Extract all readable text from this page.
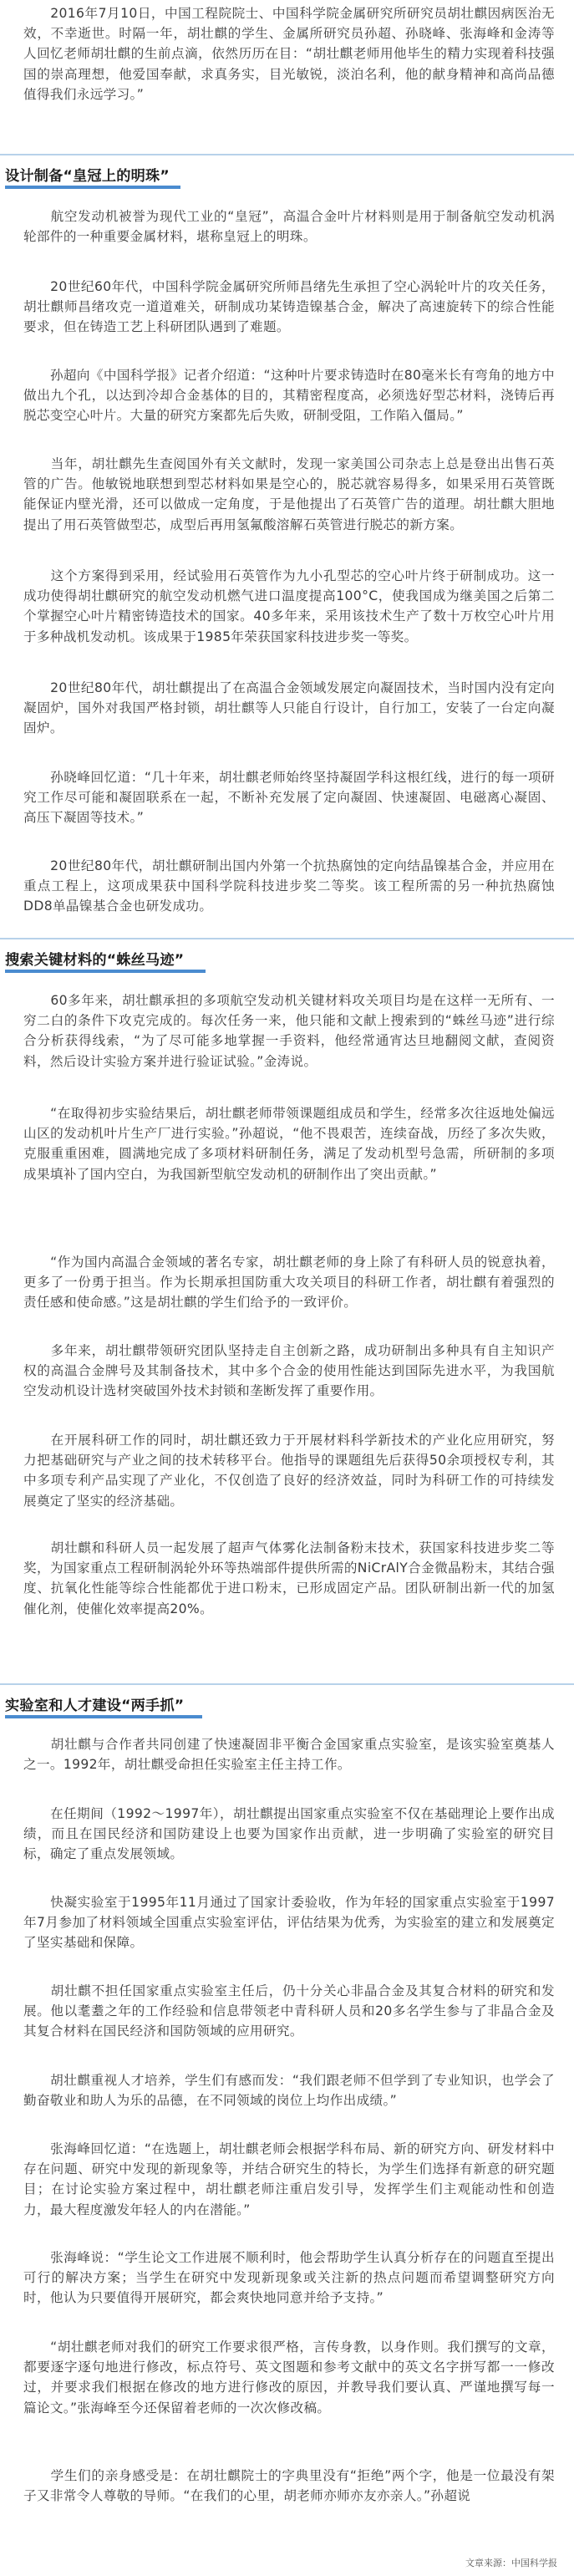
　　2016年7月10日，中国工程院院士、中国科学院金属研究所研究员胡壮麒因病医治无效，不幸逝世。时隔一年，胡壮麒的学生、金属所研究员孙超、孙晓峰、张海峰和金涛等人回忆老师胡壮麒的生前点滴，依然历历在目：“胡壮麒老师用他毕生的精力实现着科技强国的崇高理想，他爱国奉献，求真务实，目光敏锐，淡泊名利，他的献身精神和高尚品德值得我们永远学习。”

设计制备“皇冠上的明珠”

　　航空发动机被誉为现代工业的“皇冠”，高温合金叶片材料则是用于制备航空发动机涡轮部件的一种重要金属材料，堪称皇冠上的明珠。

　　20世纪60年代，中国科学院金属研究所师昌绪先生承担了空心涡轮叶片的攻关任务，胡壮麒师昌绪攻克一道道难关，研制成功某铸造镍基合金，解决了高速旋转下的综合性能要求，但在铸造工艺上科研团队遇到了难题。

　　孙超向《中国科学报》记者介绍道：“这种叶片要求铸造时在80毫米长有弯角的地方中做出九个孔，以达到冷却合金基体的目的，其精密程度高，必须选好型芯材料，浇铸后再脱芯变空心叶片。大量的研究方案都先后失败，研制受阻，工作陷入僵局。”

　　当年，胡壮麒先生查阅国外有关文献时，发现一家美国公司杂志上总是登出出售石英管的广告。他敏锐地联想到型芯材料如果是空心的，脱芯就容易得多，如果采用石英管既能保证内壁光滑，还可以做成一定角度，于是他提出了石英管广告的道理。胡壮麒大胆地提出了用石英管做型芯，成型后再用氢氟酸溶解石英管进行脱芯的新方案。

　　这个方案得到采用，经试验用石英管作为九小孔型芯的空心叶片终于研制成功。这一成功使得胡壮麒研究的航空发动机燃气进口温度提高100°C，使我国成为继美国之后第二个掌握空心叶片精密铸造技术的国家。40多年来，采用该技术生产了数十万枚空心叶片用于多种战机发动机。该成果于1985年荣获国家科技进步奖一等奖。

　　20世纪80年代，胡壮麒提出了在高温合金领域发展定向凝固技术，当时国内没有定向凝固炉，国外对我国严格封锁，胡壮麒等人只能自行设计，自行加工，安装了一台定向凝固炉。

　　孙晓峰回忆道：“几十年来，胡壮麒老师始终坚持凝固学科这根红线，进行的每一项研究工作尽可能和凝固联系在一起，不断补充发展了定向凝固、快速凝固、电磁离心凝固、高压下凝固等技术。”

　　20世纪80年代，胡壮麒研制出国内外第一个抗热腐蚀的定向结晶镍基合金，并应用在重点工程上，这项成果获中国科学院科技进步奖二等奖。该工程所需的另一种抗热腐蚀DD8单晶镍基合金也研发成功。

搜索关键材料的“蛛丝马迹”

　　60多年来，胡壮麒承担的多项航空发动机关键材料攻关项目均是在这样一无所有、一穷二白的条件下攻克完成的。每次任务一来，他只能和文献上搜索到的“蛛丝马迹”进行综合分析获得线索，“为了尽可能多地掌握一手资料，他经常通宵达旦地翻阅文献，查阅资料，然后设计实验方案并进行验证试验。”金涛说。

　　“在取得初步实验结果后，胡壮麒老师带领课题组成员和学生，经常多次往返地处偏远山区的发动机叶片生产厂进行实验。”孙超说，“他不畏艰苦，连续奋战，历经了多次失败，克服重重困难，圆满地完成了多项材料研制任务，满足了发动机型号急需，所研制的多项成果填补了国内空白，为我国新型航空发动机的研制作出了突出贡献。”

　　“作为国内高温合金领域的著名专家，胡壮麒老师的身上除了有科研人员的锐意执着，更多了一份勇于担当。作为长期承担国防重大攻关项目的科研工作者，胡壮麒有着强烈的责任感和使命感。”这是胡壮麒的学生们给予的一致评价。

　　多年来，胡壮麒带领研究团队坚持走自主创新之路，成功研制出多种具有自主知识产权的高温合金牌号及其制备技术，其中多个合金的使用性能达到国际先进水平，为我国航空发动机设计选材突破国外技术封锁和垄断发挥了重要作用。

　　在开展科研工作的同时，胡壮麒还致力于开展材料科学新技术的产业化应用研究，努力把基础研究与产业之间的技术转移平台。他指导的课题组先后获得50余项授权专利，其中多项专利产品实现了产业化，不仅创造了良好的经济效益，同时为科研工作的可持续发展奠定了坚实的经济基础。

　　胡壮麒和科研人员一起发展了超声气体雾化法制备粉末技术，获国家科技进步奖二等奖，为国家重点工程研制涡轮外环等热端部件提供所需的NiCrAlY合金微晶粉末，其结合强度、抗氧化性能等综合性能都优于进口粉末，已形成固定产品。团队研制出新一代的加氢催化剂，使催化效率提高20%。

实验室和人才建设“两手抓”

　　胡壮麒与合作者共同创建了快速凝固非平衡合金国家重点实验室，是该实验室奠基人之一。1992年，胡壮麒受命担任实验室主任主持工作。

　　在任期间（1992～1997年），胡壮麒提出国家重点实验室不仅在基础理论上要作出成绩，而且在国民经济和国防建设上也要为国家作出贡献，进一步明确了实验室的研究目标，确定了重点发展领域。

　　快凝实验室于1995年11月通过了国家计委验收，作为年轻的国家重点实验室于1997年7月参加了材料领域全国重点实验室评估，评估结果为优秀，为实验室的建立和发展奠定了坚实基础和保障。

　　胡壮麒不担任国家重点实验室主任后，仍十分关心非晶合金及其复合材料的研究和发展。他以耄耋之年的工作经验和信息带领老中青科研人员和20多名学生参与了非晶合金及其复合材料在国民经济和国防领域的应用研究。

　　胡壮麒重视人才培养，学生们有感而发：“我们跟老师不但学到了专业知识，也学会了勤奋敬业和助人为乐的品德，在不同领域的岗位上均作出成绩。”

　　张海峰回忆道：“在选题上，胡壮麒老师会根据学科布局、新的研究方向、研发材料中存在问题、研究中发现的新现象等，并结合研究生的特长，为学生们选择有新意的研究题目；在讨论实验方案过程中，胡壮麒老师注重启发引导，发挥学生们主观能动性和创造力，最大程度激发年轻人的内在潜能。”

　　张海峰说：“学生论文工作进展不顺利时，他会帮助学生认真分析存在的问题直至提出可行的解决方案；当学生在研究中发现新现象或关注新的热点问题而希望调整研究方向时，他认为只要值得开展研究，都会爽快地同意并给予支持。”

　　“胡壮麒老师对我们的研究工作要求很严格，言传身教，以身作则。我们撰写的文章，都要逐字逐句地进行修改，标点符号、英文图题和参考文献中的英文名字拼写都一一修改过，并要求我们根据在修改的地方进行修改的原因，并教导我们要认真、严谨地撰写每一篇论文。”张海峰至今还保留着老师的一次次修改稿。

　　学生们的亲身感受是：在胡壮麒院士的字典里没有“拒绝”两个字，他是一位最没有架子又非常令人尊敬的导师。“在我们的心里，胡老师亦师亦友亦亲人。”孙超说

文章来源：中国科学报
